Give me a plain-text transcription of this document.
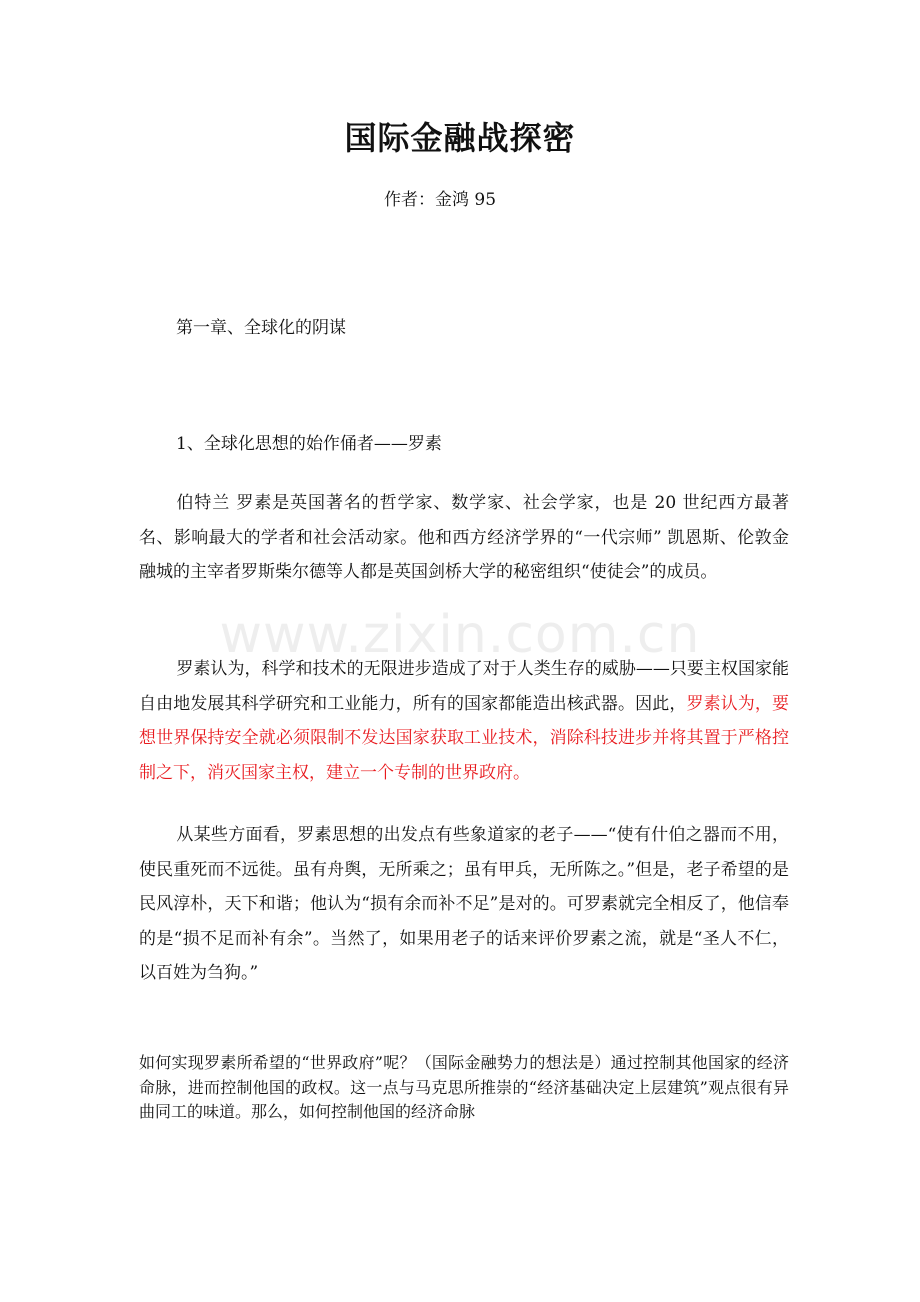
国际金融战探密

作者：金鸿 95

第一章、全球化的阴谋

1、全球化思想的始作俑者——罗素

伯特兰 罗素是英国著名的哲学家、数学家、社会学家，也是 20 世纪西方最著名、影响最大的学者和社会活动家。他和西方经济学界的“一代宗师” 凯恩斯、伦敦金融城的主宰者罗斯柴尔德等人都是英国剑桥大学的秘密组织“使徒会”的成员。

罗素认为，科学和技术的无限进步造成了对于人类生存的威胁——只要主权国家能自由地发展其科学研究和工业能力，所有的国家都能造出核武器。因此，罗素认为，要想世界保持安全就必须限制不发达国家获取工业技术，消除科技进步并将其置于严格控制之下，消灭国家主权，建立一个专制的世界政府。

从某些方面看，罗素思想的出发点有些象道家的老子——“使有什伯之器而不用，使民重死而不远徙。虽有舟舆，无所乘之；虽有甲兵，无所陈之。”但是，老子希望的是民风淳朴，天下和谐；他认为“损有余而补不足”是对的。可罗素就完全相反了，他信奉的是“损不足而补有余”。当然了，如果用老子的话来评价罗素之流，就是“圣人不仁，以百姓为刍狗。”

如何实现罗素所希望的“世界政府”呢？（国际金融势力的想法是）通过控制其他国家的经济命脉，进而控制他国的政权。这一点与马克思所推崇的“经济基础决定上层建筑”观点很有异曲同工的味道。那么，如何控制他国的经济命脉

www.zixin.com.cn
